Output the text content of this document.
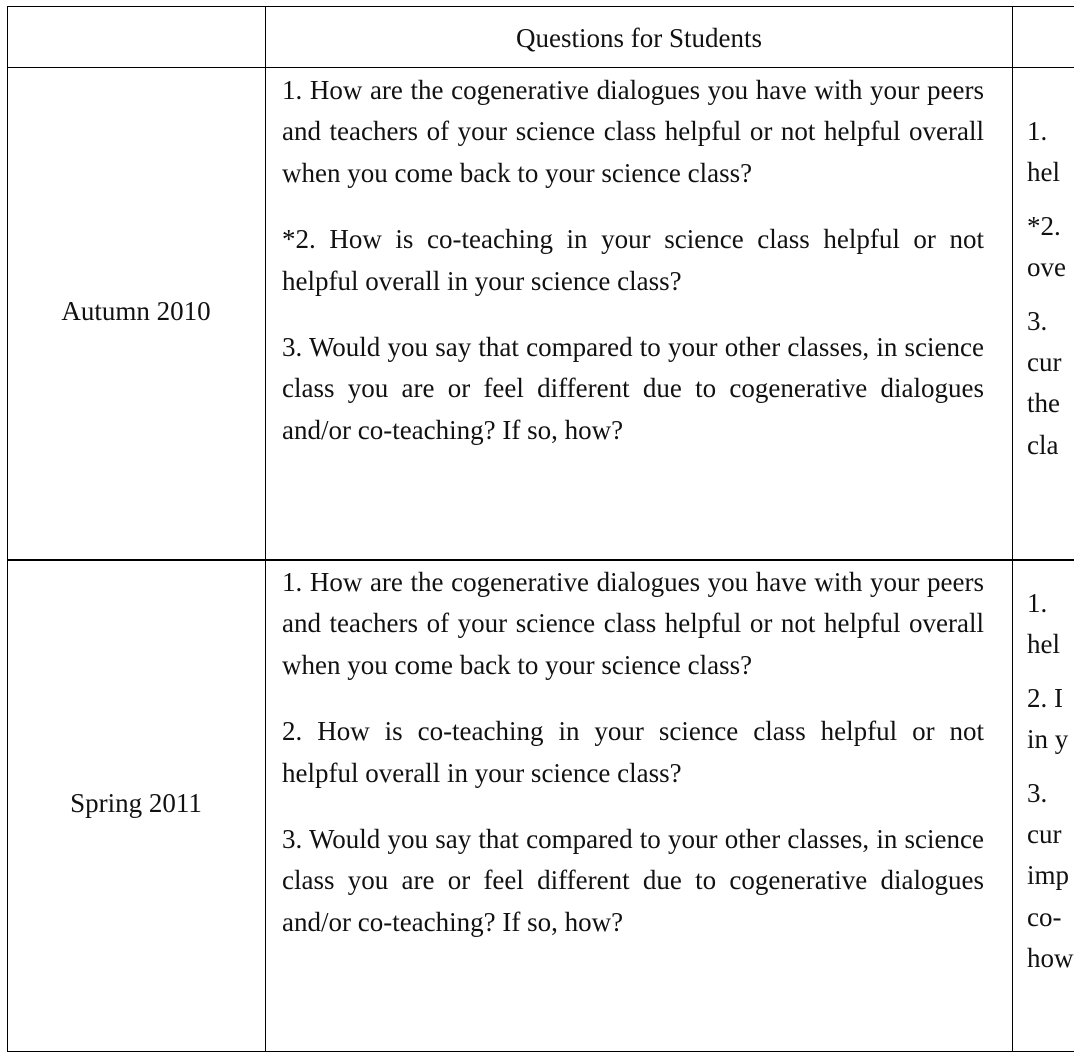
Questions for Students
Autumn 2010

1. How are the cogenerative dialogues you have with your peers and teachers of your science class helpful or not helpful overall when you come back to your science class?

*2. How is co-teaching in your science class helpful or not helpful overall in your science class?

3. Would you say that compared to your other classes, in science class you are or feel different due to cogenerative dialogues and/or co-teaching? If so, how?

1.

hel

*2.

ove

3.

cur

the

cla

Spring 2011

1. How are the cogenerative dialogues you have with your peers and teachers of your science class helpful or not helpful overall when you come back to your science class?

2. How is co-teaching in your science class helpful or not helpful overall in your science class?

3. Would you say that compared to your other classes, in science class you are or feel different due to cogenerative dialogues and/or co-teaching? If so, how?

1.

hel

2. I

in y

3.

cur

imp

co-

how
